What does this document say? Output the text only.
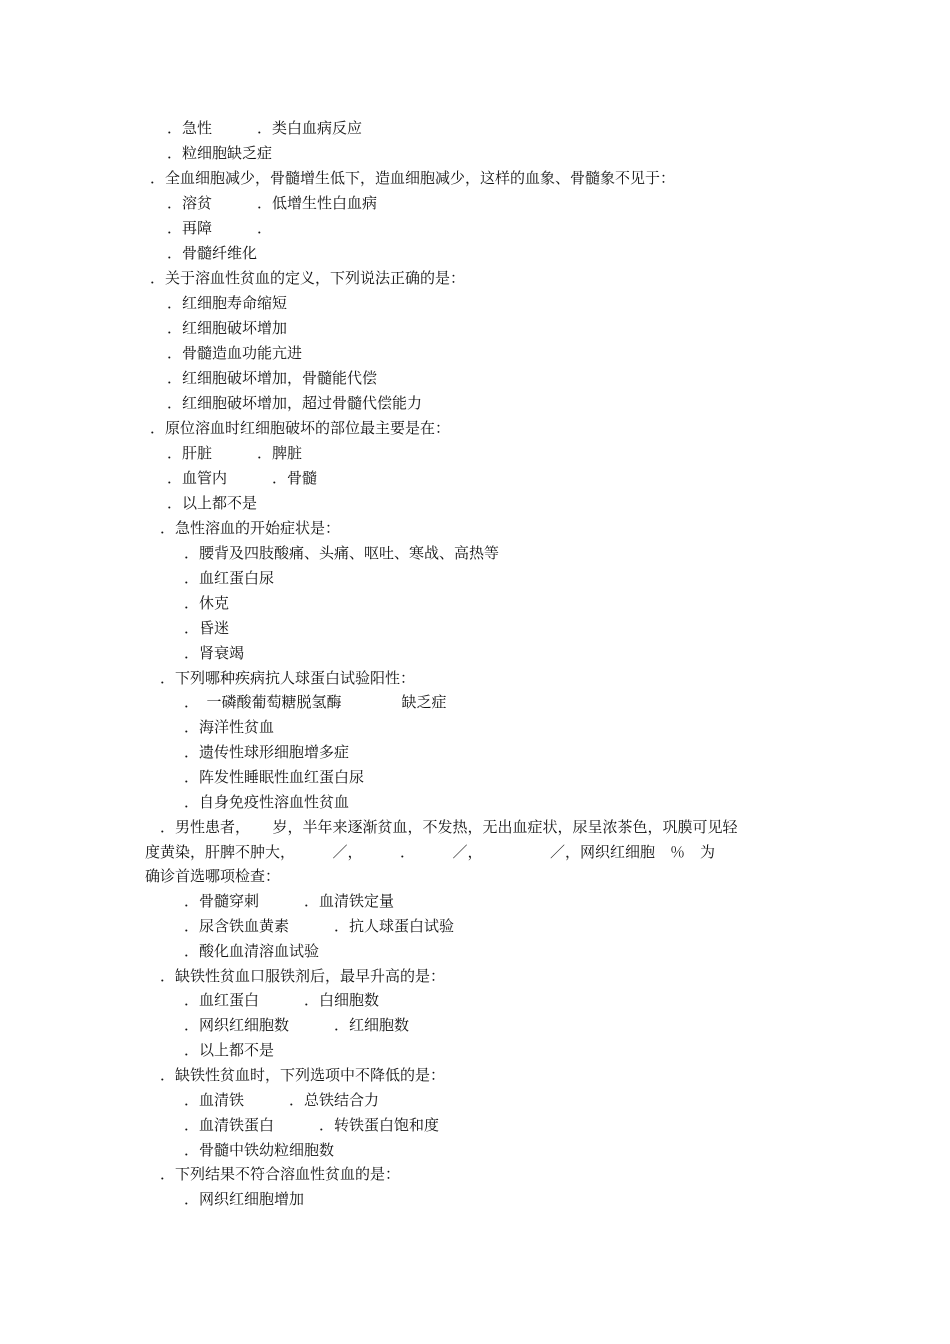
．急性　　　．类白血病反应
．粒细胞缺乏症
．全血细胞减少，骨髓增生低下，造血细胞减少，这样的血象、骨髓象不见于：
．溶贫　　　．低增生性白血病
．再障　　　．
．骨髓纤维化
．关于溶血性贫血的定义，下列说法正确的是：
．红细胞寿命缩短
．红细胞破坏增加
．骨髓造血功能亢进
．红细胞破坏增加，骨髓能代偿
．红细胞破坏增加，超过骨髓代偿能力
．原位溶血时红细胞破坏的部位最主要是在：
．肝脏　　　．脾脏
．血管内　　　．骨髓
．以上都不是
．急性溶血的开始症状是：
．腰背及四肢酸痛、头痛、呕吐、寒战、高热等
．血红蛋白尿
．休克
．昏迷
．肾衰竭
．下列哪种疾病抗人球蛋白试验阳性：
．　一磷酸葡萄糖脱氢酶　　　　缺乏症
．海洋性贫血
．遗传性球形细胞增多症
．阵发性睡眠性血红蛋白尿
．自身免疫性溶血性贫血
．男性患者，　　岁，半年来逐渐贫血，不发热，无出血症状，尿呈浓茶色，巩膜可见轻
度黄染，肝脾不肿大，　　　／，　　　．　　　／，　　　　　／，网织红细胞　％　为
确诊首选哪项检查：
．骨髓穿刺　　　．血清铁定量
．尿含铁血黄素　　　．抗人球蛋白试验
．酸化血清溶血试验
．缺铁性贫血口服铁剂后，最早升高的是：
．血红蛋白　　　．白细胞数
．网织红细胞数　　　．红细胞数
．以上都不是
．缺铁性贫血时，下列选项中不降低的是：
．血清铁　　　．总铁结合力
．血清铁蛋白　　　．转铁蛋白饱和度
．骨髓中铁幼粒细胞数
．下列结果不符合溶血性贫血的是：
．网织红细胞增加
